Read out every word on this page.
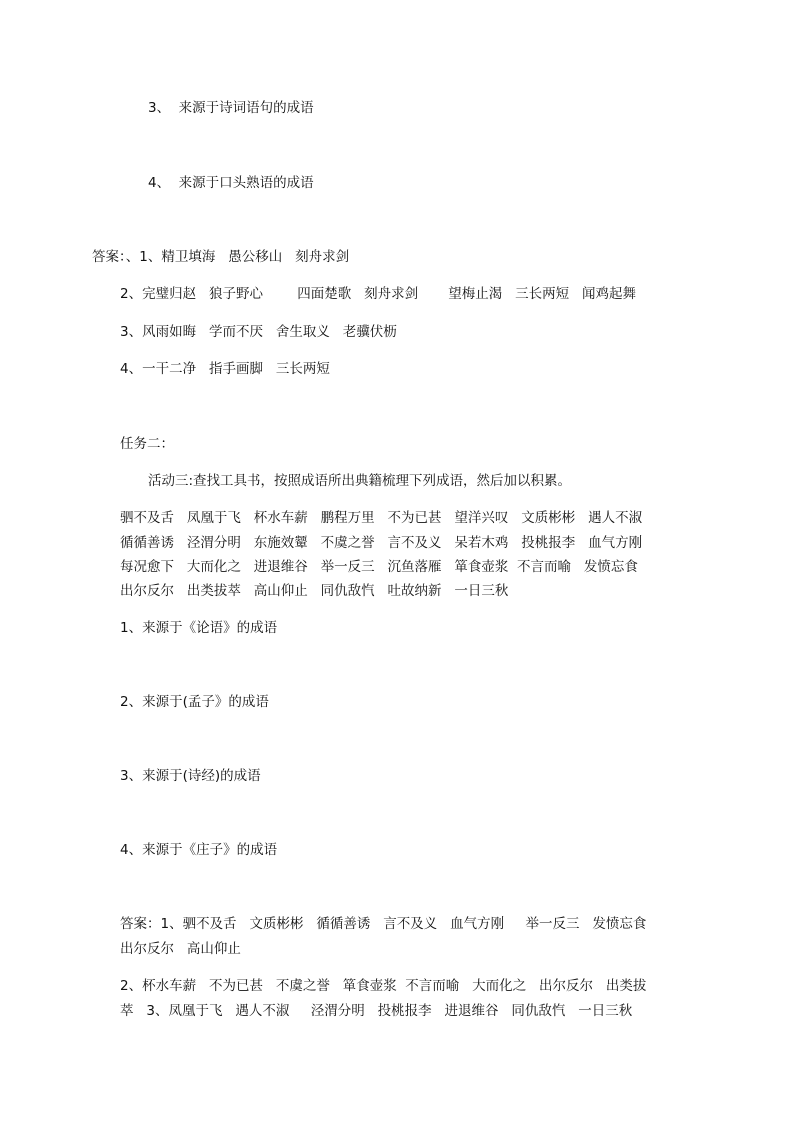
3、  来源于诗词语句的成语
4、  来源于口头熟语的成语
答案：、1、精卫填海   愚公移山   刻舟求剑
2、完璧归赵   狼子野心        四面楚歌   刻舟求剑       望梅止渴   三长两短   闻鸡起舞
3、风雨如晦   学而不厌   舍生取义   老骥伏枥
4、一干二净   指手画脚   三长两短
任务二：
活动三:查找工具书，按照成语所出典籍梳理下列成语，然后加以积累。
驷不及舌   凤凰于飞   杯水车薪   鹏程万里   不为已甚   望洋兴叹   文质彬彬   遇人不淑
循循善诱   泾渭分明   东施效颦   不虞之誉   言不及义   呆若木鸡   投桃报李   血气方刚
每况愈下   大而化之   进退维谷   举一反三   沉鱼落雁   箪食壶浆  不言而喻   发愤忘食
出尔反尔   出类拔萃   高山仰止   同仇敌忾   吐故纳新   一日三秋
1、来源于《论语》的成语
2、来源于(孟子》的成语
3、来源于(诗经)的成语
4、来源于《庄子》的成语
答案：1、驷不及舌   文质彬彬   循循善诱   言不及义   血气方刚     举一反三   发愤忘食
出尔反尔   高山仰止
2、杯水车薪   不为已甚   不虞之誉   箪食壶浆  不言而喻   大而化之   出尔反尔   出类拔
萃   3、凤凰于飞   遇人不淑     泾渭分明   投桃报李   进退维谷   同仇敌忾   一日三秋
